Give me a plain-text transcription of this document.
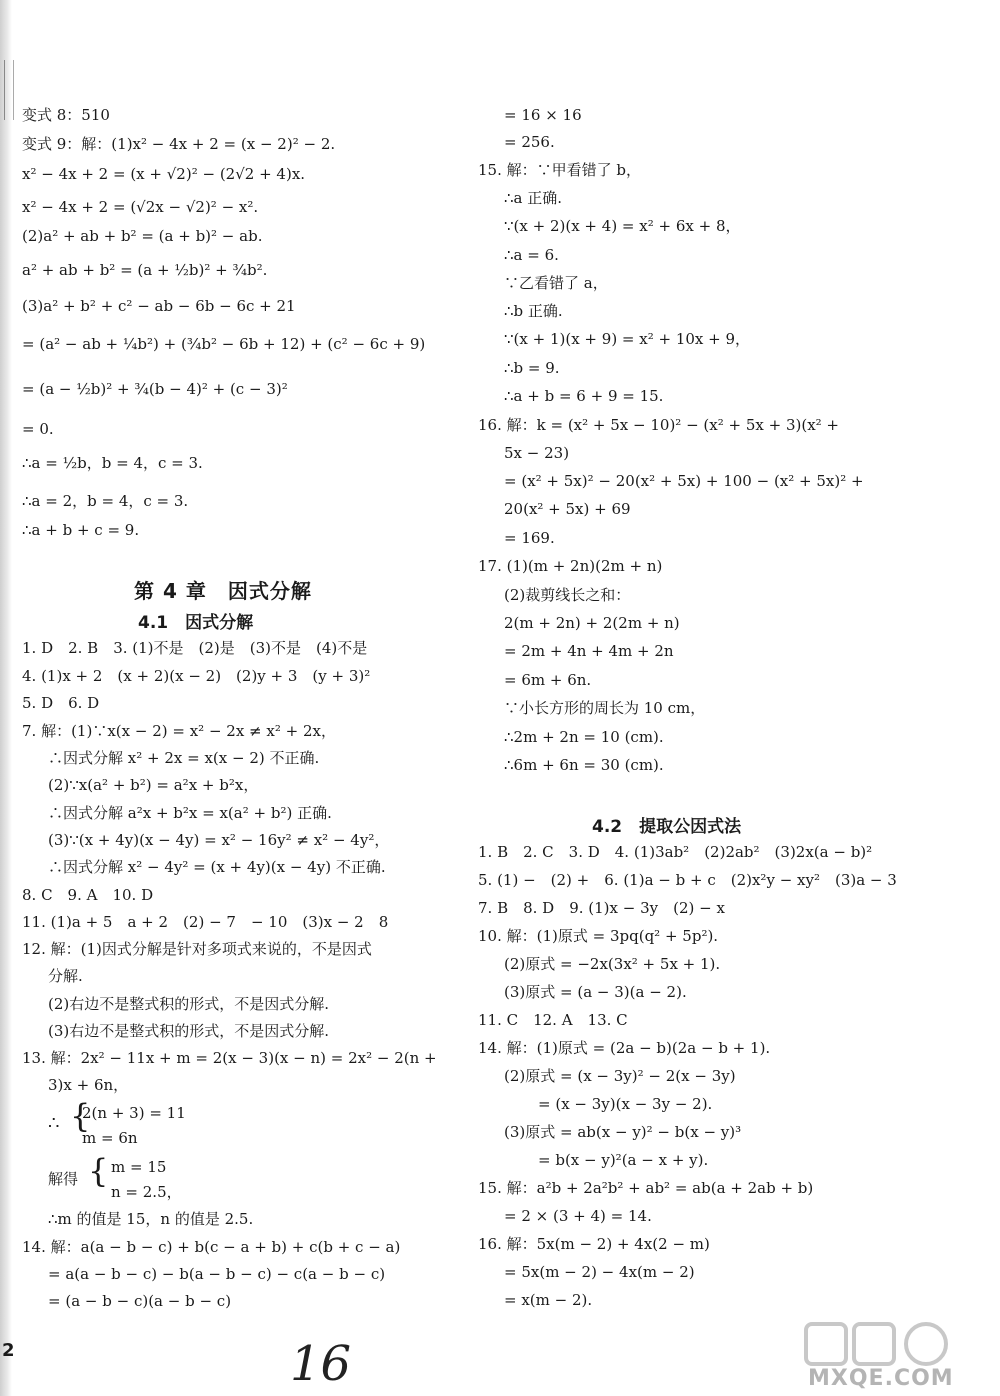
变式 8：510
变式 9：解：(1)x² − 4x + 2 = (x − 2)² − 2.
x² − 4x + 2 = (x + √2)² − (2√2 + 4)x.
x² − 4x + 2 = (√2x − √2)² − x².
(2)a² + ab + b² = (a + b)² − ab.
a² + ab + b² = (a + ½b)² + ¾b².
(3)a² + b² + c² − ab − 6b − 6c + 21
= (a² − ab + ¼b²) + (¾b² − 6b + 12) + (c² − 6c + 9)
= (a − ½b)² + ¾(b − 4)² + (c − 3)²
= 0.
∴a = ½b，b = 4，c = 3.
∴a = 2，b = 4，c = 3.
∴a + b + c = 9.
第 4 章　因式分解
4.1　因式分解
1. D　2. B　3. (1)不是　(2)是　(3)不是　(4)不是
4. (1)x + 2　(x + 2)(x − 2)　(2)y + 3　(y + 3)²
5. D　6. D
7. 解：(1)∵x(x − 2) = x² − 2x ≠ x² + 2x，
∴因式分解 x² + 2x = x(x − 2) 不正确.
(2)∵x(a² + b²) = a²x + b²x，
∴因式分解 a²x + b²x = x(a² + b²) 正确.
(3)∵(x + 4y)(x − 4y) = x² − 16y² ≠ x² − 4y²，
∴因式分解 x² − 4y² = (x + 4y)(x − 4y) 不正确.
8. C　9. A　10. D
11. (1)a + 5　a + 2　(2) − 7　− 10　(3)x − 2　8
12. 解：(1)因式分解是针对多项式来说的，不是因式
分解.
(2)右边不是整式积的形式，不是因式分解.
(3)右边不是整式积的形式，不是因式分解.
13. 解：2x² − 11x + m = 2(x − 3)(x − n) = 2x² − 2(n +
3)x + 6n，
∴ {
2(n + 3) = 11
m = 6n
解得 { m = 15
n = 2.5，
∴m 的值是 15，n 的值是 2.5.
14. 解：a(a − b − c) + b(c − a + b) + c(b + c − a)
= a(a − b − c) − b(a − b − c) − c(a − b − c)
= (a − b − c)(a − b − c)
= 16 × 16
= 256.
15. 解：∵甲看错了 b，
∴a 正确.
∵(x + 2)(x + 4) = x² + 6x + 8，
∴a = 6.
∵乙看错了 a，
∴b 正确.
∵(x + 1)(x + 9) = x² + 10x + 9，
∴b = 9.
∴a + b = 6 + 9 = 15.
16. 解：k = (x² + 5x − 10)² − (x² + 5x + 3)(x² +
5x − 23)
= (x² + 5x)² − 20(x² + 5x) + 100 − (x² + 5x)² +
20(x² + 5x) + 69
= 169.
17. (1)(m + 2n)(2m + n)
(2)裁剪线长之和：
2(m + 2n) + 2(2m + n)
= 2m + 4n + 4m + 2n
= 6m + 6n.
∵小长方形的周长为 10 cm，
∴2m + 2n = 10 (cm).
∴6m + 6n = 30 (cm).
4.2　提取公因式法
1. B　2. C　3. D　4. (1)3ab²　(2)2ab²　(3)2x(a − b)²
5. (1) −　(2) +　6. (1)a − b + c　(2)x²y − xy²　(3)a − 3
7. B　8. D　9. (1)x − 3y　(2) − x
10. 解：(1)原式 = 3pq(q² + 5p²).
(2)原式 = −2x(3x² + 5x + 1).
(3)原式 = (a − 3)(a − 2).
11. C　12. A　13. C
14. 解：(1)原式 = (2a − b)(2a − b + 1).
(2)原式 = (x − 3y)² − 2(x − 3y)
= (x − 3y)(x − 3y − 2).
(3)原式 = ab(x − y)² − b(x − y)³
= b(x − y)²(a − x + y).
15. 解：a²b + 2a²b² + ab² = ab(a + 2ab + b)
= 2 × (3 + 4) = 14.
16. 解：5x(m − 2) + 4x(2 − m)
= 5x(m − 2) − 4x(m − 2)
= x(m − 2).
2	16	MXQE.COM
